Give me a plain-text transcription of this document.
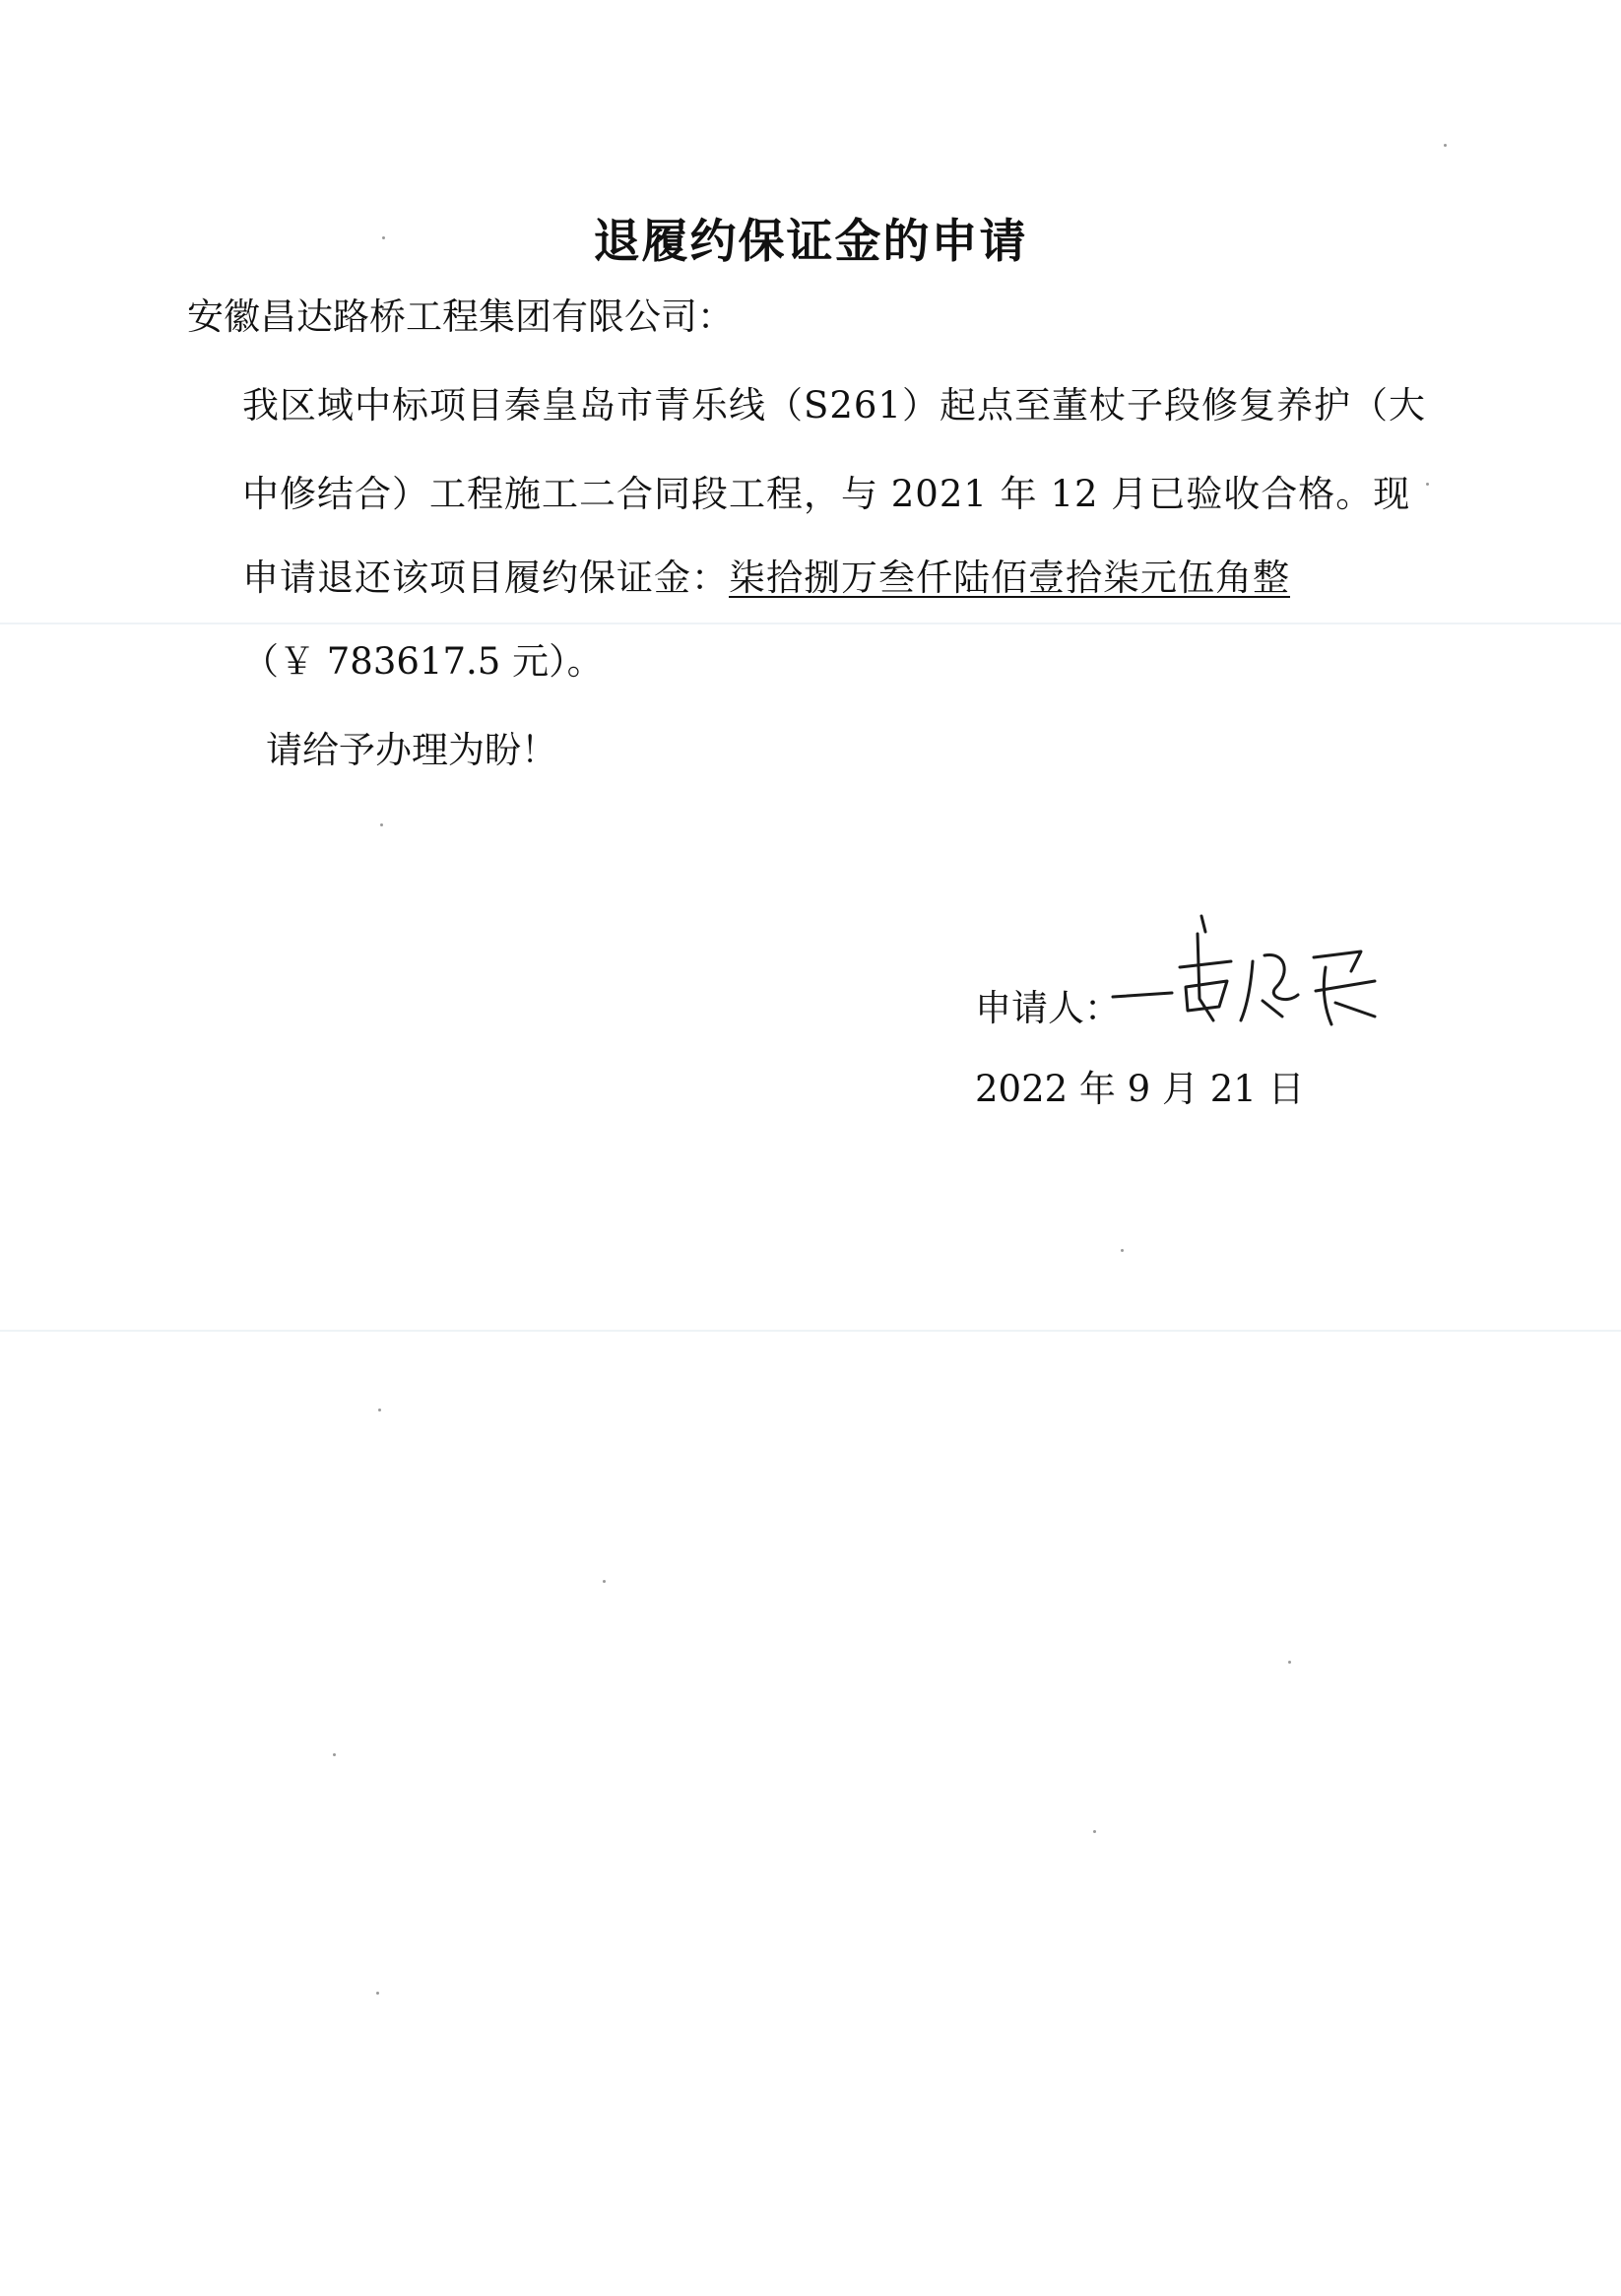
退履约保证金的申请
安徽昌达路桥工程集团有限公司：
我区域中标项目秦皇岛市青乐线（S261）起点至董杖子段修复养护（大
中修结合）工程施工二合同段工程，与 2021 年 12 月已验收合格。现
申请退还该项目履约保证金：柒拾捌万叁仟陆佰壹拾柒元伍角整
（￥ 783617.5 元）。
请给予办理为盼！
申请人：
2022 年 9 月 21 日
